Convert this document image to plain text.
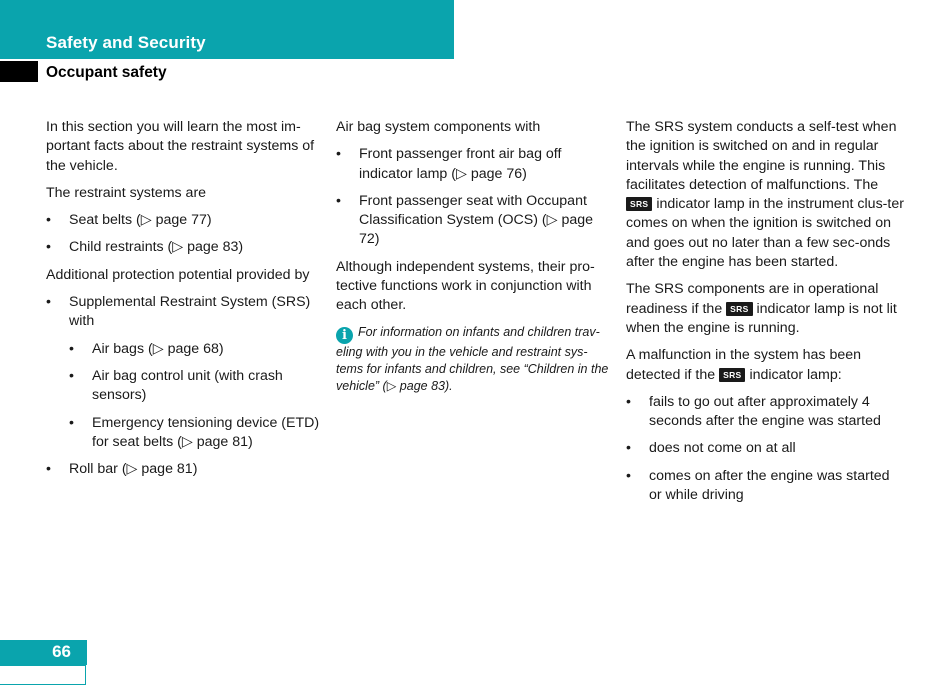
Safety and Security
Occupant safety

In this section you will learn the most im-portant facts about the restraint systems of the vehicle.

The restraint systems are

• Seat belts (▷ page 77)
• Child restraints (▷ page 83)

Additional protection potential provided by

• Supplemental Restraint System (SRS) with
• Air bags (▷ page 68)
• Air bag control unit (with crash sensors)
• Emergency tensioning device (ETD) for seat belts (▷ page 81)
• Roll bar (▷ page 81)

Air bag system components with

• Front passenger front air bag off indicator lamp (▷ page 76)
• Front passenger seat with Occupant Classification System (OCS) (▷ page 72)

Although independent systems, their pro-tective functions work in conjunction with each other.

i For information on infants and children trav-eling with you in the vehicle and restraint sys-tems for infants and children, see “Children in the vehicle” (▷ page 83).

The SRS system conducts a self-test when the ignition is switched on and in regular intervals while the engine is running. This facilitates detection of malfunctions. The SRS indicator lamp in the instrument clus-ter comes on when the ignition is switched on and goes out no later than a few sec-onds after the engine has been started.

The SRS components are in operational readiness if the SRS indicator lamp is not lit when the engine is running.

A malfunction in the system has been detected if the SRS indicator lamp:

• fails to go out after approximately 4 seconds after the engine was started
• does not come on at all
• comes on after the engine was started or while driving
66
